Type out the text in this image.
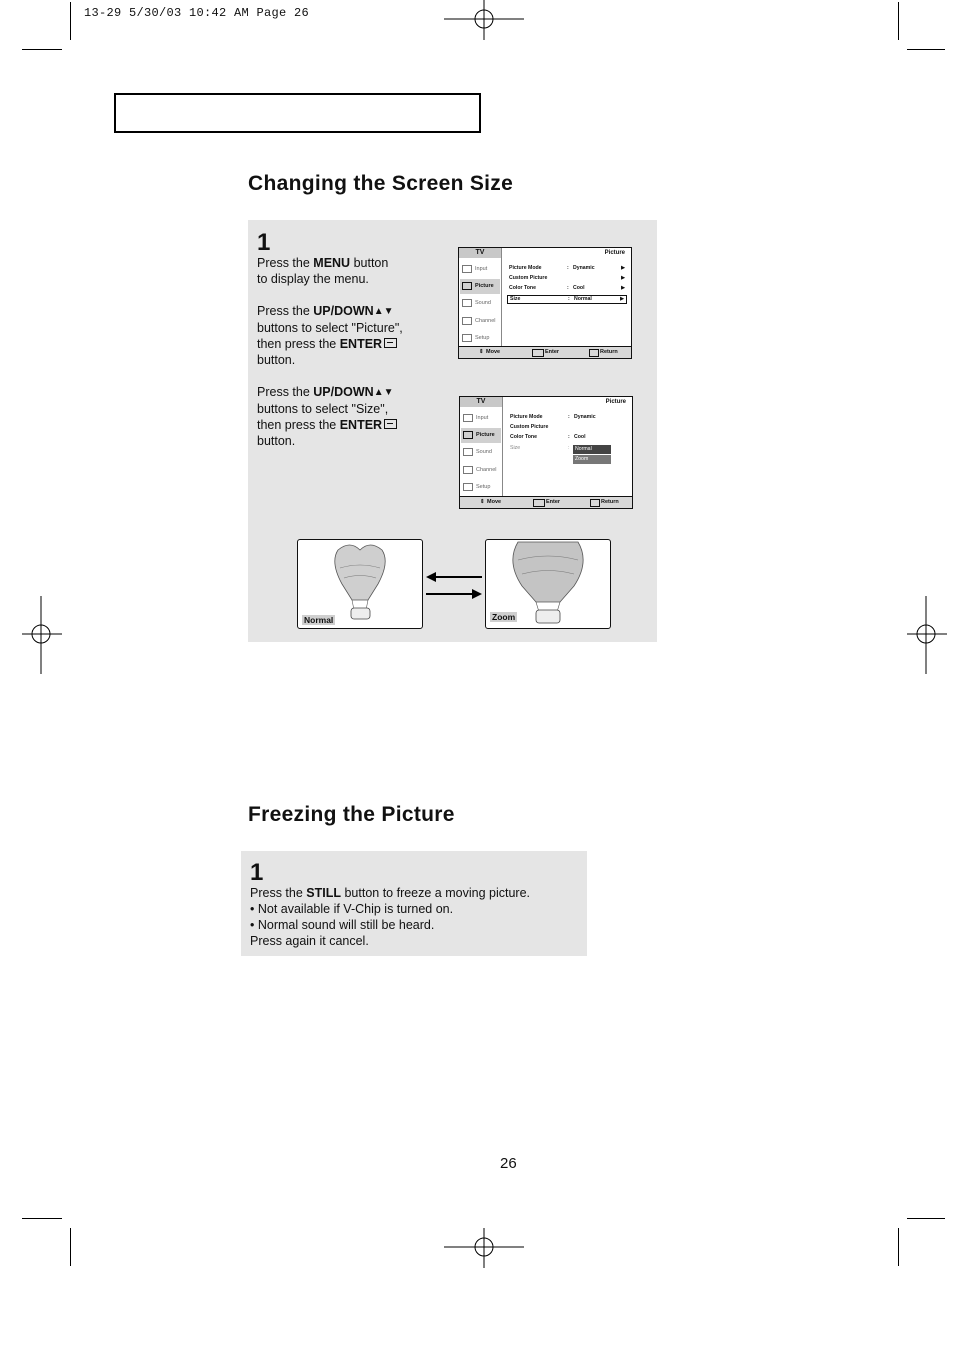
13-29 5/30/03 10:42 AM Page 26
Changing the Screen Size
1
Press the MENU button
to display the menu.
Press the UP/DOWN▲▼
buttons to select "Picture",
then press the ENTER
button.
Press the UP/DOWN▲▼
buttons to select "Size",
then press the ENTER
button.
TV	Picture
Input
Picture
Sound
Channel
Setup
Picture Mode	: Dynamic	▶
Custom Picture	▶
Color Tone	: Cool	▶
Size	: Normal	▶
⇕ Move	Enter	Return
TV	Picture
Input
Picture
Sound
Channel
Setup
Picture Mode	: Dynamic
Custom Picture
Color Tone	: Cool
Size	:	Normal
Zoom
⇕ Move	Enter	Return
Normal	Zoom
Freezing the Picture
1
Press the STILL button to freeze a moving picture.
• Not available if V-Chip is turned on.
• Normal sound will still be heard.
Press again it cancel.
26
